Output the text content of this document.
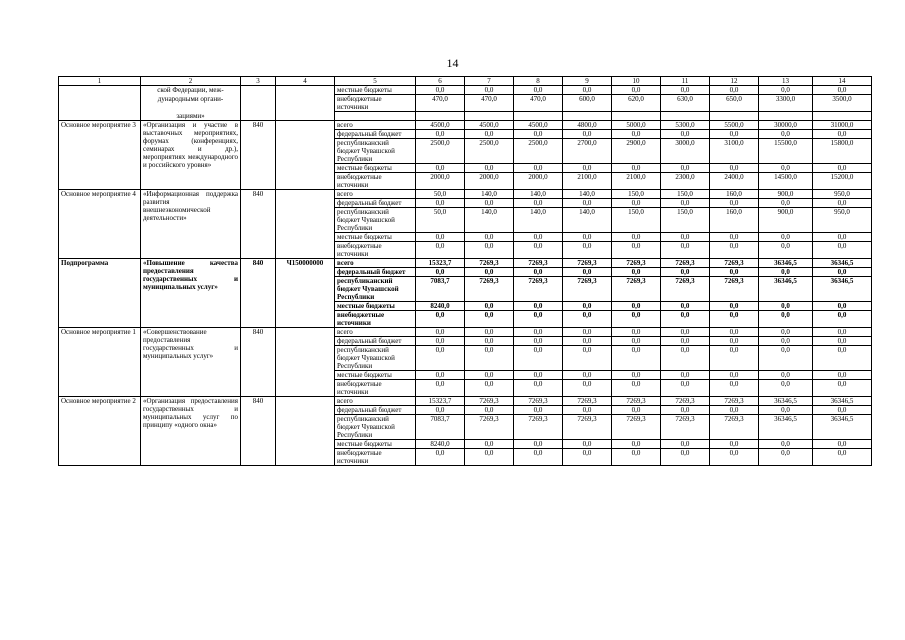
14
1	2	3	4	5	6	7	8	9	10	11	12	13	14
	ской Федерации, меж-			местные бюджеты	0,0	0,0	0,0	0,0	0,0	0,0	0,0	0,0	0,0
	дународными органи-			внебюджетные источники	470,0	470,0	470,0	600,0	620,0	630,0	650,0	3300,0	3500,0
	зациями»												
Основное мероприятие 3	«Организация и участие в выставочных мероприятиях, форумах (конференциях, семинарах и др.), мероприятиях международного и российского уровня»	840		всего	4500,0	4500,0	4500,0	4800,0	5000,0	5300,0	5500,0	30000,0	31000,0
				федеральный бюджет	0,0	0,0	0,0	0,0	0,0	0,0	0,0	0,0	0,0
				республиканский бюджет Чувашской Республики	2500,0	2500,0	2500,0	2700,0	2900,0	3000,0	3100,0	15500,0	15800,0
				местные бюджеты	0,0	0,0	0,0	0,0	0,0	0,0	0,0	0,0	0,0
				внебюджетные источники	2000,0	2000,0	2000,0	2100,0	2100,0	2300,0	2400,0	14500,0	15200,0
Основное мероприятие 4	«Информационная поддержка развития внешнеэкономической деятельности»	840		всего	50,0	140,0	140,0	140,0	150,0	150,0	160,0	900,0	950,0
				федеральный бюджет	0,0	0,0	0,0	0,0	0,0	0,0	0,0	0,0	0,0
				республиканский бюджет Чувашской Республики	50,0	140,0	140,0	140,0	150,0	150,0	160,0	900,0	950,0
				местные бюджеты	0,0	0,0	0,0	0,0	0,0	0,0	0,0	0,0	0,0
				внебюджетные источники	0,0	0,0	0,0	0,0	0,0	0,0	0,0	0,0	0,0
Подпрограмма	«Повышение качества предоставления государственных и муниципальных услуг»	840	Ч150000000	всего	15323,7	7269,3	7269,3	7269,3	7269,3	7269,3	7269,3	36346,5	36346,5
				федеральный бюджет	0,0	0,0	0,0	0,0	0,0	0,0	0,0	0,0	0,0
				республиканский бюджет Чувашской Республики	7083,7	7269,3	7269,3	7269,3	7269,3	7269,3	7269,3	36346,5	36346,5
				местные бюджеты	8240,0	0,0	0,0	0,0	0,0	0,0	0,0	0,0	0,0
				внебюджетные источники	0,0	0,0	0,0	0,0	0,0	0,0	0,0	0,0	0,0
Основное мероприятие 1	«Совершенствование предоставления государственных и муниципальных услуг»	840		всего	0,0	0,0	0,0	0,0	0,0	0,0	0,0	0,0	0,0
				федеральный бюджет	0,0	0,0	0,0	0,0	0,0	0,0	0,0	0,0	0,0
				республиканский бюджет Чувашской Республики	0,0	0,0	0,0	0,0	0,0	0,0	0,0	0,0	0,0
				местные бюджеты	0,0	0,0	0,0	0,0	0,0	0,0	0,0	0,0	0,0
				внебюджетные источники	0,0	0,0	0,0	0,0	0,0	0,0	0,0	0,0	0,0
Основное мероприятие 2	«Организация предоставления государственных и муниципальных услуг по принципу «одного окна»	840		всего	15323,7	7269,3	7269,3	7269,3	7269,3	7269,3	7269,3	36346,5	36346,5
				федеральный бюджет	0,0	0,0	0,0	0,0	0,0	0,0	0,0	0,0	0,0
				республиканский бюджет Чувашской Республики	7083,7	7269,3	7269,3	7269,3	7269,3	7269,3	7269,3	36346,5	36346,5
				местные бюджеты	8240,0	0,0	0,0	0,0	0,0	0,0	0,0	0,0	0,0
				внебюджетные источники	0,0	0,0	0,0	0,0	0,0	0,0	0,0	0,0	0,0
